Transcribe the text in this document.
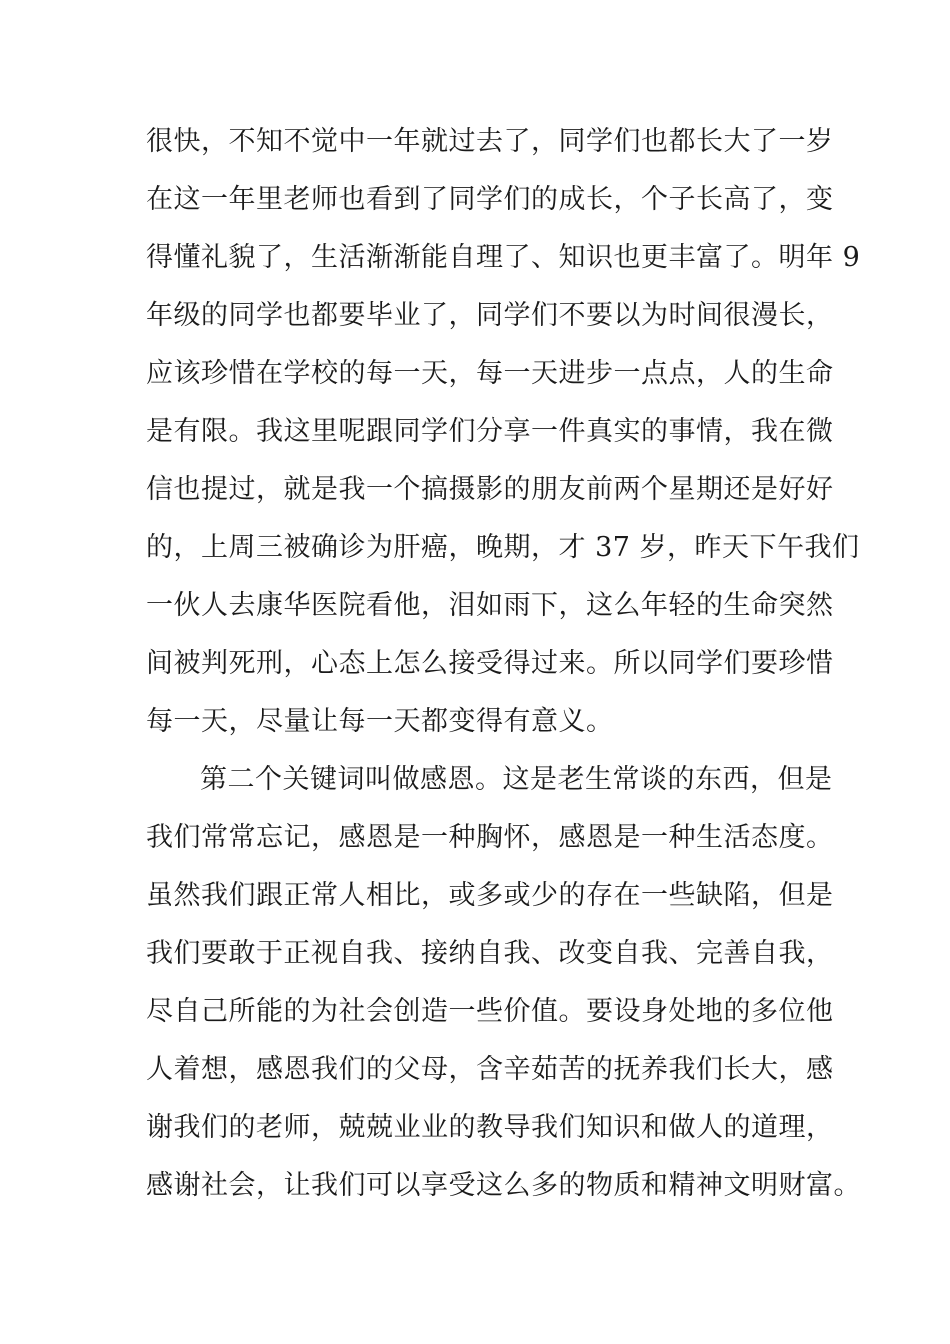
很快，不知不觉中一年就过去了，同学们也都长大了一岁
在这一年里老师也看到了同学们的成长，个子长高了，变
得懂礼貌了，生活渐渐能自理了、知识也更丰富了。明年 9
年级的同学也都要毕业了，同学们不要以为时间很漫长，
应该珍惜在学校的每一天，每一天进步一点点，人的生命
是有限。我这里呢跟同学们分享一件真实的事情，我在微
信也提过，就是我一个搞摄影的朋友前两个星期还是好好
的，上周三被确诊为肝癌，晚期，才 37 岁，昨天下午我们
一伙人去康华医院看他，泪如雨下，这么年轻的生命突然
间被判死刑，心态上怎么接受得过来。所以同学们要珍惜
每一天，尽量让每一天都变得有意义。
第二个关键词叫做感恩。这是老生常谈的东西，但是
我们常常忘记，感恩是一种胸怀，感恩是一种生活态度。
虽然我们跟正常人相比，或多或少的存在一些缺陷，但是
我们要敢于正视自我、接纳自我、改变自我、完善自我，
尽自己所能的为社会创造一些价值。要设身处地的多位他
人着想，感恩我们的父母，含辛茹苦的抚养我们长大，感
谢我们的老师，兢兢业业的教导我们知识和做人的道理，
感谢社会，让我们可以享受这么多的物质和精神文明财富。
